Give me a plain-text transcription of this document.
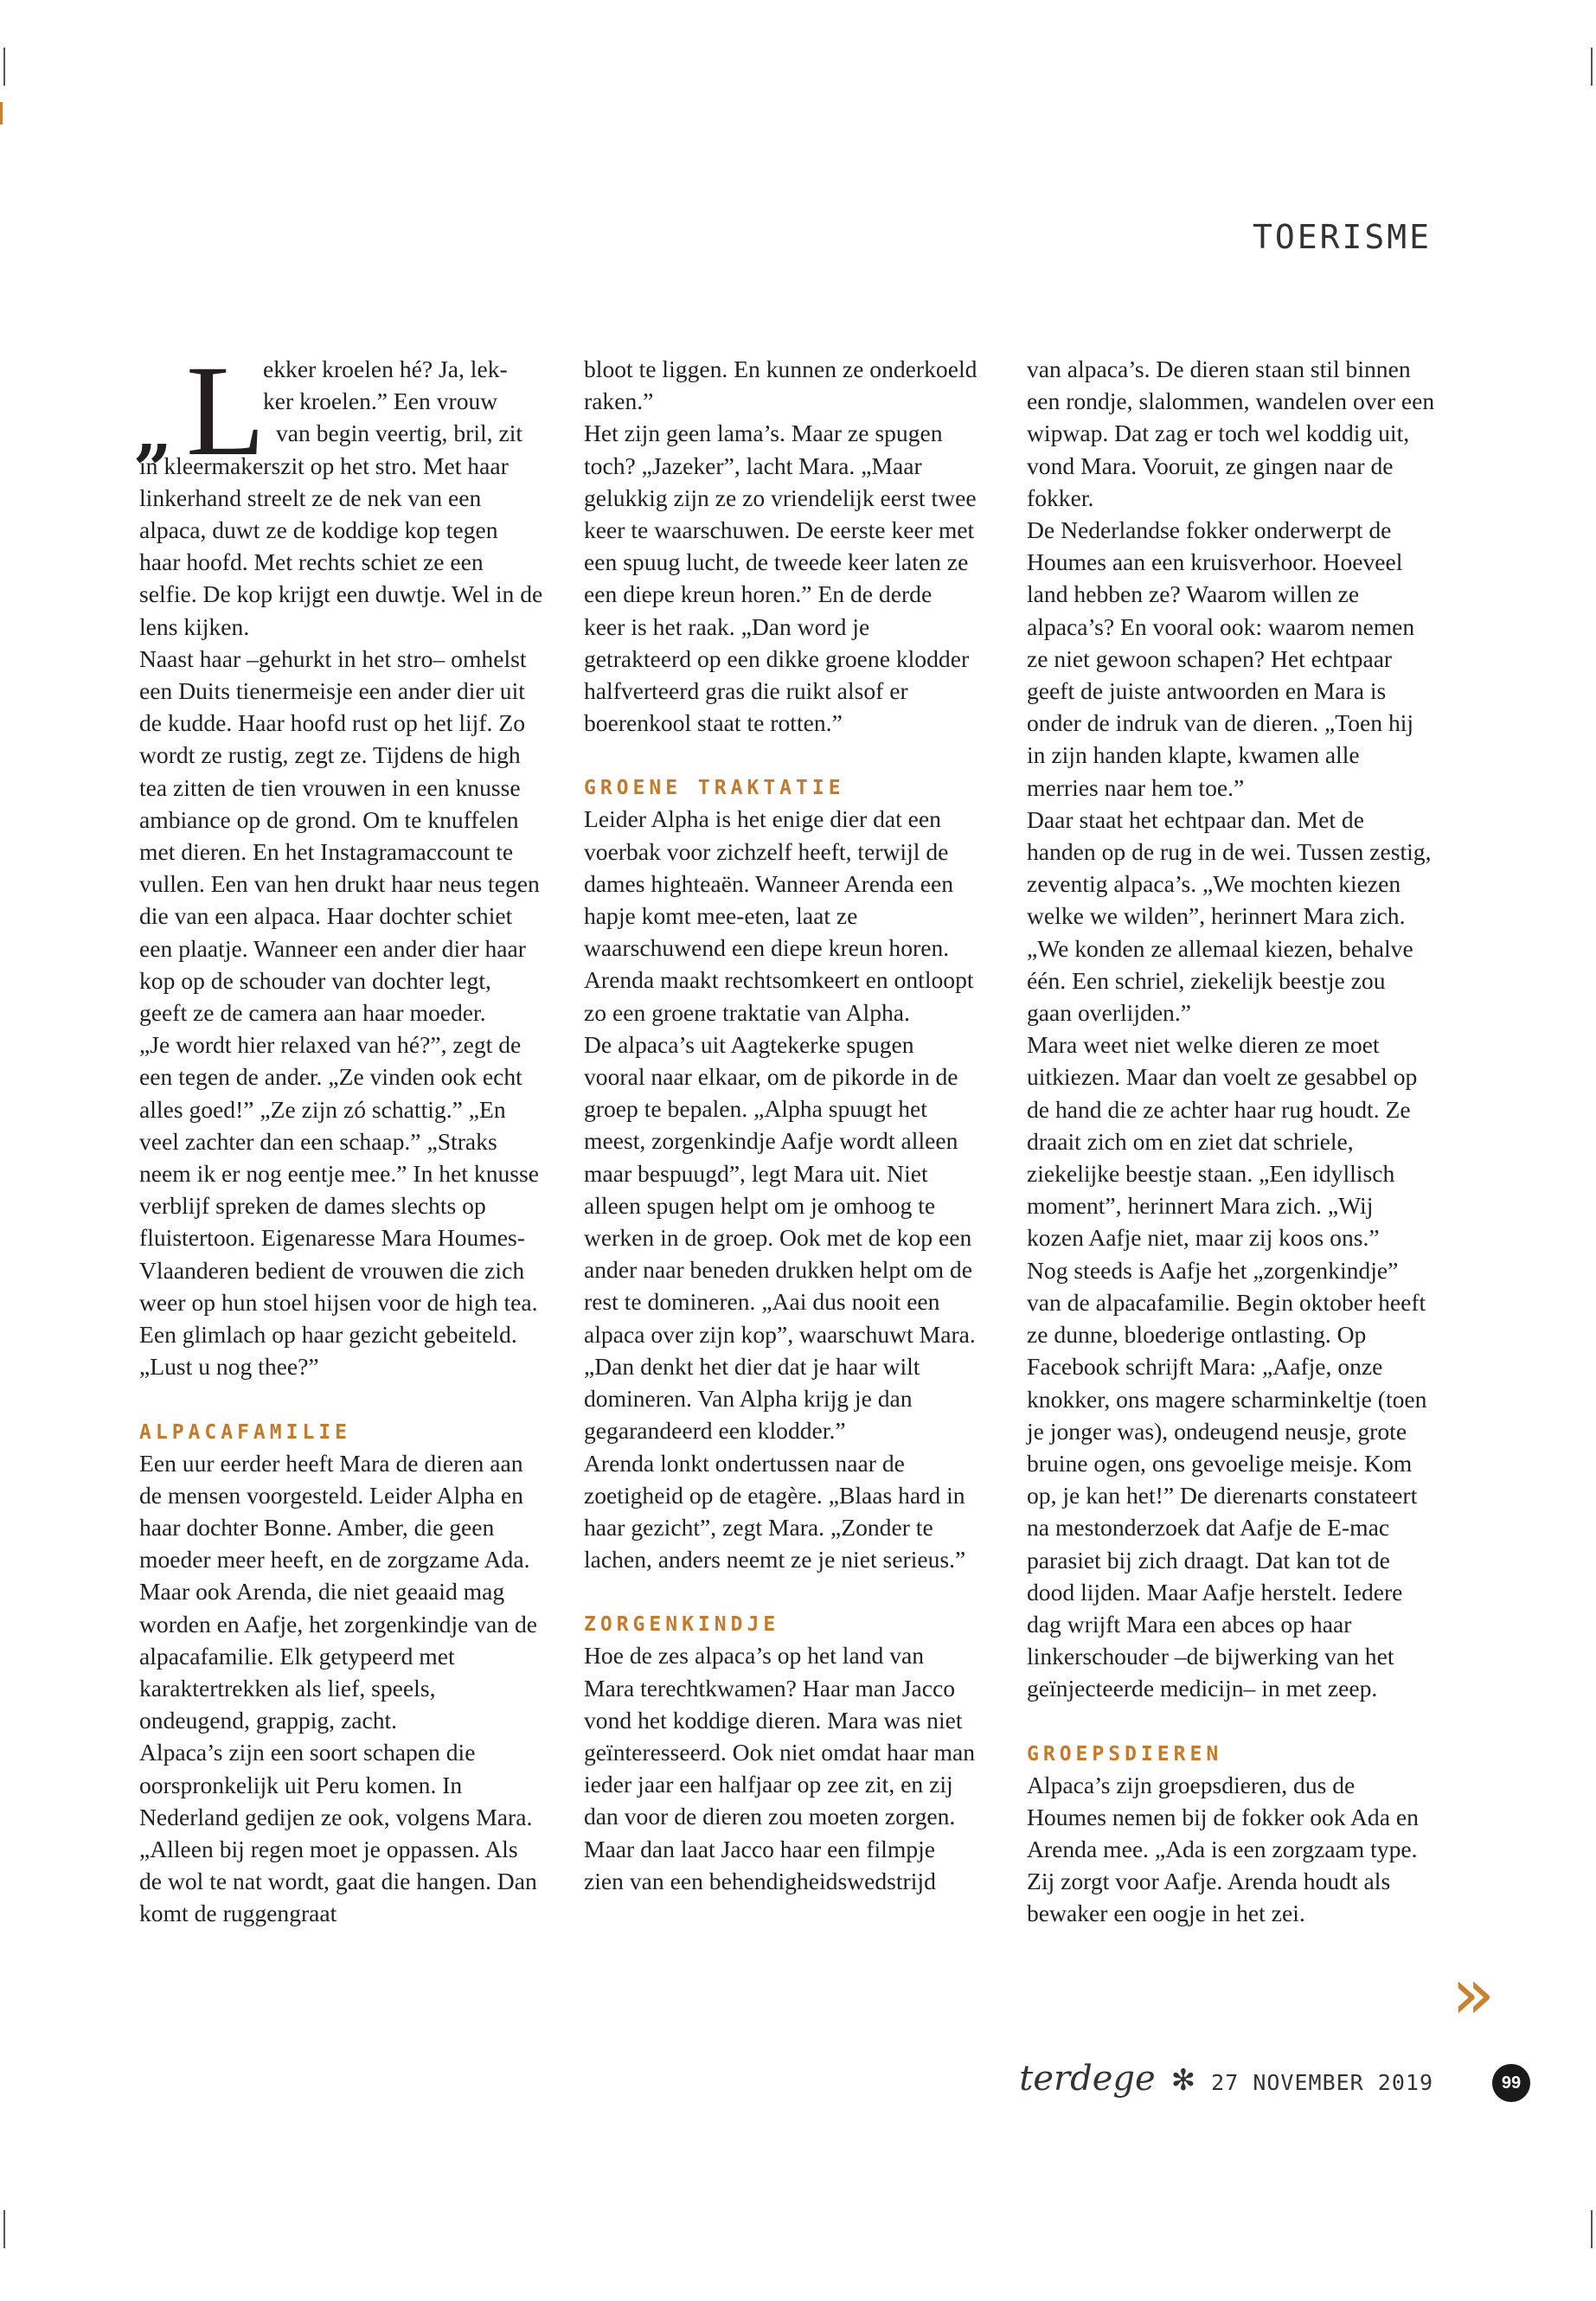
TOERISME
„ L
ekker kroelen hé? Ja, lek-
ker kroelen.” Een vrouw
van begin veertig, bril, zit

in kleermakerszit op het stro. Met haar linkerhand streelt ze de nek van een alpaca, duwt ze de koddige kop tegen haar hoofd. Met rechts schiet ze een selfie. De kop krijgt een duwtje. Wel in de lens kijken.

Naast haar –gehurkt in het stro– omhelst een Duits tienermeisje een ander dier uit de kudde. Haar hoofd rust op het lijf. Zo wordt ze rustig, zegt ze. Tijdens de high tea zitten de tien vrouwen in een knusse ambiance op de grond. Om te knuffelen met dieren. En het Instagramaccount te vullen. Een van hen drukt haar neus tegen die van een alpaca. Haar dochter schiet een plaatje. Wanneer een ander dier haar kop op de schouder van dochter legt, geeft ze de camera aan haar moeder.

„Je wordt hier relaxed van hé?”, zegt de een tegen de ander. „Ze vinden ook echt alles goed!” „Ze zijn zó schattig.” „En veel zachter dan een schaap.” „Straks neem ik er nog eentje mee.” In het knusse verblijf spreken de dames slechts op fluistertoon. Eigenaresse Mara Houmes-Vlaanderen bedient de vrouwen die zich weer op hun stoel hijsen voor de high tea. Een glimlach op haar gezicht gebeiteld. „Lust u nog thee?”

ALPACAFAMILIE

Een uur eerder heeft Mara de dieren aan de mensen voorgesteld. Leider Alpha en haar dochter Bonne. Amber, die geen moeder meer heeft, en de zorgzame Ada. Maar ook Arenda, die niet geaaid mag worden en Aafje, het zorgenkindje van de alpacafamilie. Elk getypeerd met karaktertrekken als lief, speels, ondeugend, grappig, zacht.

Alpaca’s zijn een soort schapen die oorspronkelijk uit Peru komen. In Nederland gedijen ze ook, volgens Mara. „Alleen bij regen moet je oppassen. Als de wol te nat wordt, gaat die hangen. Dan komt de ruggengraat

bloot te liggen. En kunnen ze onderkoeld raken.”

Het zijn geen lama’s. Maar ze spugen toch? „Jazeker”, lacht Mara. „Maar gelukkig zijn ze zo vriendelijk eerst twee keer te waarschuwen. De eerste keer met een spuug lucht, de tweede keer laten ze een diepe kreun horen.” En de derde keer is het raak. „Dan word je getrakteerd op een dikke groene klodder halfverteerd gras die ruikt alsof er boerenkool staat te rotten.”

GROENE TRAKTATIE

Leider Alpha is het enige dier dat een voerbak voor zichzelf heeft, terwijl de dames highteaën. Wanneer Arenda een hapje komt mee-eten, laat ze waarschuwend een diepe kreun horen. Arenda maakt rechtsomkeert en ontloopt zo een groene traktatie van Alpha.

De alpaca’s uit Aagtekerke spugen vooral naar elkaar, om de pikorde in de groep te bepalen. „Alpha spuugt het meest, zorgenkindje Aafje wordt alleen maar bespuugd”, legt Mara uit. Niet alleen spugen helpt om je omhoog te werken in de groep. Ook met de kop een ander naar beneden drukken helpt om de rest te domineren. „Aai dus nooit een alpaca over zijn kop”, waarschuwt Mara. „Dan denkt het dier dat je haar wilt domineren. Van Alpha krijg je dan gegarandeerd een klodder.”

Arenda lonkt ondertussen naar de zoetigheid op de etagère. „Blaas hard in haar gezicht”, zegt Mara. „Zonder te lachen, anders neemt ze je niet serieus.”

ZORGENKINDJE

Hoe de zes alpaca’s op het land van Mara terechtkwamen? Haar man Jacco vond het koddige dieren. Mara was niet geïnteresseerd. Ook niet omdat haar man ieder jaar een halfjaar op zee zit, en zij dan voor de dieren zou moeten zorgen.

Maar dan laat Jacco haar een filmpje zien van een behendigheidswedstrijd

van alpaca’s. De dieren staan stil binnen een rondje, slalommen, wandelen over een wipwap. Dat zag er toch wel koddig uit, vond Mara. Vooruit, ze gingen naar de fokker.

De Nederlandse fokker onderwerpt de Houmes aan een kruisverhoor. Hoeveel land hebben ze? Waarom willen ze alpaca’s? En vooral ook: waarom nemen ze niet gewoon schapen? Het echtpaar geeft de juiste antwoorden en Mara is onder de indruk van de dieren. „Toen hij in zijn handen klapte, kwamen alle merries naar hem toe.”

Daar staat het echtpaar dan. Met de handen op de rug in de wei. Tussen zestig, zeventig alpaca’s. „We mochten kiezen welke we wilden”, herinnert Mara zich. „We konden ze allemaal kiezen, behalve één. Een schriel, ziekelijk beestje zou gaan overlijden.”

Mara weet niet welke dieren ze moet uitkiezen. Maar dan voelt ze gesabbel op de hand die ze achter haar rug houdt. Ze draait zich om en ziet dat schriele, ziekelijke beestje staan. „Een idyllisch moment”, herinnert Mara zich. „Wij kozen Aafje niet, maar zij koos ons.”

Nog steeds is Aafje het „zorgenkindje” van de alpacafamilie. Begin oktober heeft ze dunne, bloederige ontlasting. Op Facebook schrijft Mara: „Aafje, onze knokker, ons magere scharminkeltje (toen je jonger was), ondeugend neusje, grote bruine ogen, ons gevoelige meisje. Kom op, je kan het!” De dierenarts constateert na mestonderzoek dat Aafje de E-mac parasiet bij zich draagt. Dat kan tot de dood lijden. Maar Aafje herstelt. Iedere dag wrijft Mara een abces op haar linkerschouder –de bijwerking van het geïnjecteerde medicijn– in met zeep.

GROEPSDIEREN

Alpaca’s zijn groepsdieren, dus de Houmes nemen bij de fokker ook Ada en Arenda mee. „Ada is een zorgzaam type. Zij zorgt voor Aafje. Arenda houdt als bewaker een oogje in het zei.

»
terdege ✻ 27 NOVEMBER 2019	99
